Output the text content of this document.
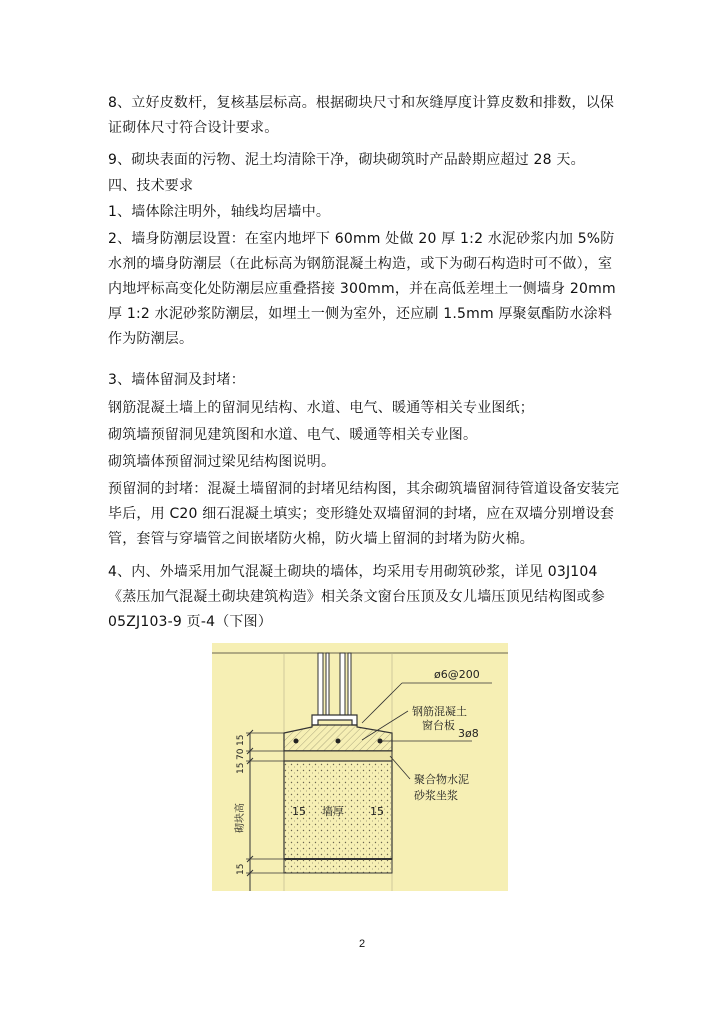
8、立好皮数杆，复核基层标高。根据砌块尺寸和灰缝厚度计算皮数和排数，以保证砌体尺寸符合设计要求。

9、砌块表面的污物、泥土均清除干净，砌块砌筑时产品龄期应超过 28 天。

四、技术要求

1、墙体除注明外，轴线均居墙中。

2、墙身防潮层设置：在室内地坪下 60mm 处做 20 厚 1:2 水泥砂浆内加 5%防水剂的墙身防潮层（在此标高为钢筋混凝土构造，或下为砌石构造时可不做），室内地坪标高变化处防潮层应重叠搭接 300mm，并在高低差埋土一侧墙身 20mm 厚 1:2 水泥砂浆防潮层，如埋土一侧为室外，还应刷 1.5mm 厚聚氨酯防水涂料作为防潮层。

3、墙体留洞及封堵：

钢筋混凝土墙上的留洞见结构、水道、电气、暖通等相关专业图纸；

砌筑墙预留洞见建筑图和水道、电气、暖通等相关专业图。

砌筑墙体预留洞过梁见结构图说明。

预留洞的封堵：混凝土墙留洞的封堵见结构图，其余砌筑墙留洞待管道设备安装完毕后，用 C20 细石混凝土填实；变形缝处双墙留洞的封堵，应在双墙分别增设套管，套管与穿墙管之间嵌堵防火棉，防火墙上留洞的封堵为防火棉。

4、内、外墙采用加气混凝土砌块的墙体，均采用专用砌筑砂浆，详见 03J104《蒸压加气混凝土砌块建筑构造》相关条文窗台压顶及女儿墙压顶见结构图或参 05ZJ103-9 页-4（下图）

15
70
15
砌块高
15
15 墙厚 15
ø6@200
钢筋混凝土
窗台板
3ø8
聚合物水泥
砂浆坐浆
2
